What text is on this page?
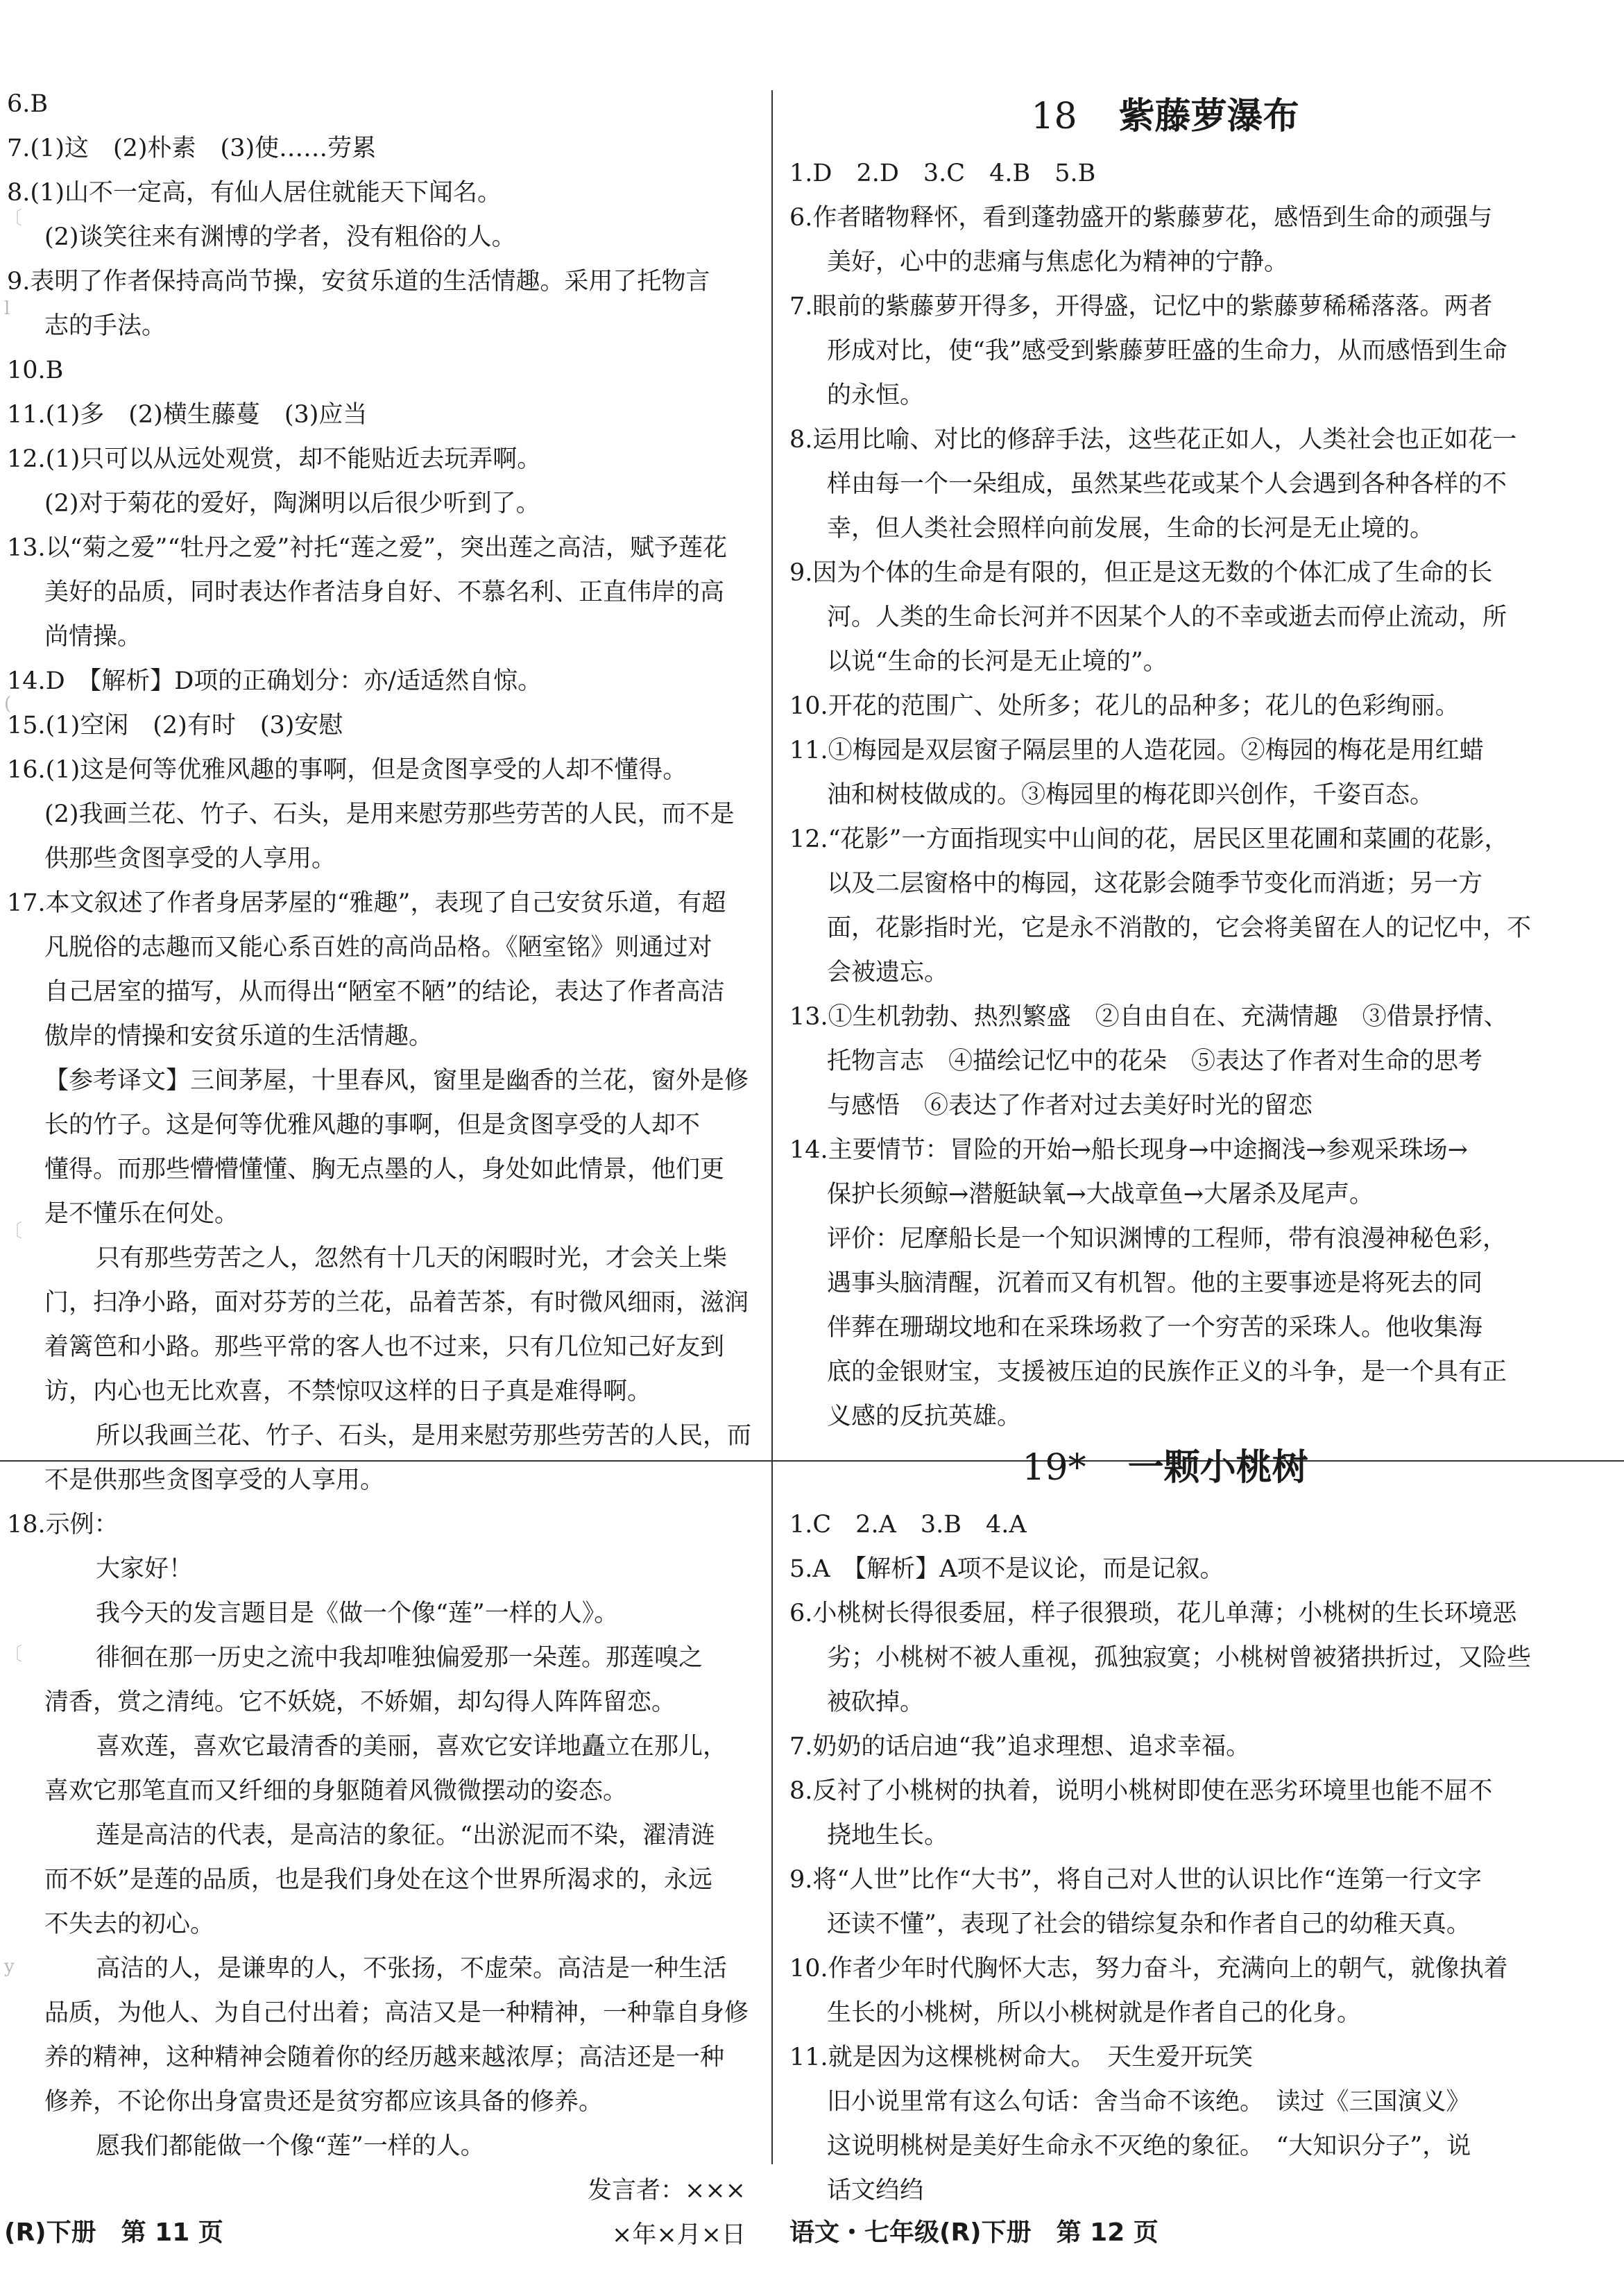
〔
l
(
〔
〔
y
6.B
7.(1)这　(2)朴素　(3)使……劳累
8.(1)山不一定高，有仙人居住就能天下闻名。
(2)谈笑往来有渊博的学者，没有粗俗的人。
9.表明了作者保持高尚节操，安贫乐道的生活情趣。采用了托物言
志的手法。
10.B
11.(1)多　(2)横生藤蔓　(3)应当
12.(1)只可以从远处观赏，却不能贴近去玩弄啊。
(2)对于菊花的爱好，陶渊明以后很少听到了。
13.以“菊之爱”“牡丹之爱”衬托“莲之爱”，突出莲之高洁，赋予莲花
美好的品质，同时表达作者洁身自好、不慕名利、正直伟岸的高
尚情操。
14.D　【解析】D项的正确划分：亦/适适然自惊。
15.(1)空闲　(2)有时　(3)安慰
16.(1)这是何等优雅风趣的事啊，但是贪图享受的人却不懂得。
(2)我画兰花、竹子、石头，是用来慰劳那些劳苦的人民，而不是
供那些贪图享受的人享用。
17.本文叙述了作者身居茅屋的“雅趣”，表现了自己安贫乐道，有超
凡脱俗的志趣而又能心系百姓的高尚品格。《陋室铭》则通过对
自己居室的描写，从而得出“陋室不陋”的结论，表达了作者高洁
傲岸的情操和安贫乐道的生活情趣。
【参考译文】三间茅屋，十里春风，窗里是幽香的兰花，窗外是修
长的竹子。这是何等优雅风趣的事啊，但是贪图享受的人却不
懂得。而那些懵懵懂懂、胸无点墨的人，身处如此情景，他们更
是不懂乐在何处。
只有那些劳苦之人，忽然有十几天的闲暇时光，才会关上柴
门，扫净小路，面对芬芳的兰花，品着苦茶，有时微风细雨，滋润
着篱笆和小路。那些平常的客人也不过来，只有几位知己好友到
访，内心也无比欢喜，不禁惊叹这样的日子真是难得啊。
所以我画兰花、竹子、石头，是用来慰劳那些劳苦的人民，而
不是供那些贪图享受的人享用。
18.示例：
大家好！
我今天的发言题目是《做一个像“莲”一样的人》。
徘徊在那一历史之流中我却唯独偏爱那一朵莲。那莲嗅之
清香，赏之清纯。它不妖娆，不娇媚，却勾得人阵阵留恋。
喜欢莲，喜欢它最清香的美丽，喜欢它安详地矗立在那儿，
喜欢它那笔直而又纤细的身躯随着风微微摆动的姿态。
莲是高洁的代表，是高洁的象征。“出淤泥而不染，濯清涟
而不妖”是莲的品质，也是我们身处在这个世界所渴求的，永远
不失去的初心。
高洁的人，是谦卑的人，不张扬，不虚荣。高洁是一种生活
品质，为他人、为自己付出着；高洁又是一种精神，一种靠自身修
养的精神，这种精神会随着你的经历越来越浓厚；高洁还是一种
修养，不论你出身富贵还是贫穷都应该具备的修养。
愿我们都能做一个像“莲”一样的人。
发言者：×××
×年×月×日
18 紫藤萝瀑布
1.D　2.D　3.C　4.B　5.B
6.作者睹物释怀，看到蓬勃盛开的紫藤萝花，感悟到生命的顽强与
美好，心中的悲痛与焦虑化为精神的宁静。
7.眼前的紫藤萝开得多，开得盛，记忆中的紫藤萝稀稀落落。两者
形成对比，使“我”感受到紫藤萝旺盛的生命力，从而感悟到生命
的永恒。
8.运用比喻、对比的修辞手法，这些花正如人，人类社会也正如花一
样由每一个一朵组成，虽然某些花或某个人会遇到各种各样的不
幸，但人类社会照样向前发展，生命的长河是无止境的。
9.因为个体的生命是有限的，但正是这无数的个体汇成了生命的长
河。人类的生命长河并不因某个人的不幸或逝去而停止流动，所
以说“生命的长河是无止境的”。
10.开花的范围广、处所多；花儿的品种多；花儿的色彩绚丽。
11.①梅园是双层窗子隔层里的人造花园。②梅园的梅花是用红蜡
油和树枝做成的。③梅园里的梅花即兴创作，千姿百态。
12.“花影”一方面指现实中山间的花，居民区里花圃和菜圃的花影，
以及二层窗格中的梅园，这花影会随季节变化而消逝；另一方
面，花影指时光，它是永不消散的，它会将美留在人的记忆中，不
会被遗忘。
13.①生机勃勃、热烈繁盛　②自由自在、充满情趣　③借景抒情、
托物言志　④描绘记忆中的花朵　⑤表达了作者对生命的思考
与感悟　⑥表达了作者对过去美好时光的留恋
14.主要情节：冒险的开始→船长现身→中途搁浅→参观采珠场→
保护长须鲸→潜艇缺氧→大战章鱼→大屠杀及尾声。
评价：尼摩船长是一个知识渊博的工程师，带有浪漫神秘色彩，
遇事头脑清醒，沉着而又有机智。他的主要事迹是将死去的同
伴葬在珊瑚坟地和在采珠场救了一个穷苦的采珠人。他收集海
底的金银财宝，支援被压迫的民族作正义的斗争，是一个具有正
义感的反抗英雄。
19* 一颗小桃树
1.C　2.A　3.B　4.A
5.A　【解析】A项不是议论，而是记叙。
6.小桃树长得很委屈，样子很猥琐，花儿单薄；小桃树的生长环境恶
劣；小桃树不被人重视，孤独寂寞；小桃树曾被猪拱折过，又险些
被砍掉。
7.奶奶的话启迪“我”追求理想、追求幸福。
8.反衬了小桃树的执着，说明小桃树即使在恶劣环境里也能不屈不
挠地生长。
9.将“人世”比作“大书”，将自己对人世的认识比作“连第一行文字
还读不懂”，表现了社会的错综复杂和作者自己的幼稚天真。
10.作者少年时代胸怀大志，努力奋斗，充满向上的朝气，就像执着
生长的小桃树，所以小桃树就是作者自己的化身。
11.就是因为这棵桃树命大。　天生爱开玩笑
旧小说里常有这么句话：舍当命不该绝。　读过《三国演义》
这说明桃树是美好生命永不灭绝的象征。　“大知识分子”，说
话文绉绉
(R)下册　第 11 页	语文・七年级(R)下册　第 12 页
